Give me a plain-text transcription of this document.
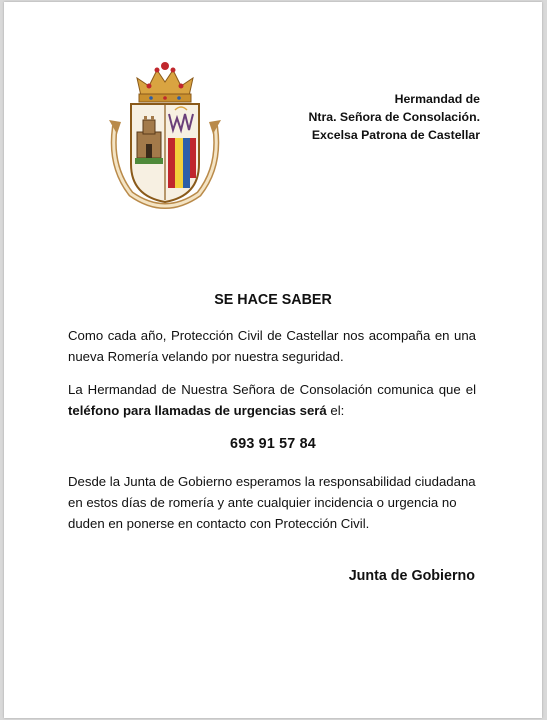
Hermandad de
Ntra. Señora de Consolación.
Excelsa Patrona de Castellar
SE HACE SABER
Como cada año, Protección Civil de Castellar nos acompaña en una nueva Romería velando por nuestra seguridad.
La Hermandad de Nuestra Señora de Consolación comunica que el teléfono para llamadas de urgencias será el:
693 91 57 84
Desde la Junta de Gobierno esperamos la responsabilidad ciudadana en estos días de romería y ante cualquier incidencia o urgencia no duden en ponerse en contacto con Protección Civil.
Junta de Gobierno
